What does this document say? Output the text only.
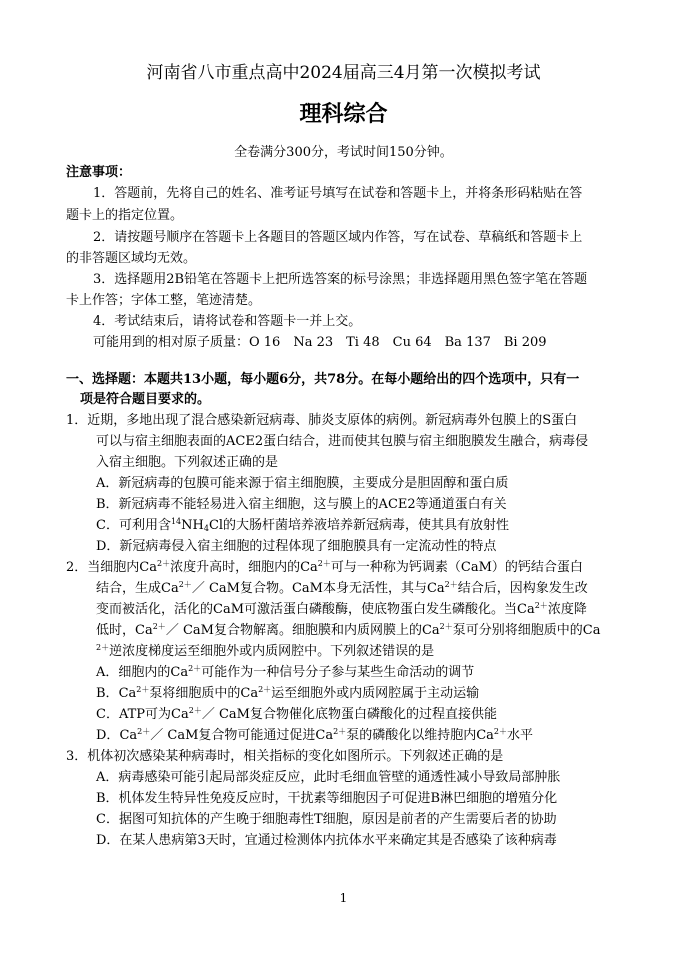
河南省八市重点高中2024届高三4月第一次模拟考试
理科综合
全卷满分300分，考试时间150分钟。
注意事项：
1．答题前，先将自己的姓名、准考证号填写在试卷和答题卡上，并将条形码粘贴在答
题卡上的指定位置。
2．请按题号顺序在答题卡上各题目的答题区域内作答，写在试卷、草稿纸和答题卡上
的非答题区域均无效。
3．选择题用2B铅笔在答题卡上把所选答案的标号涂黑；非选择题用黑色签字笔在答题
卡上作答；字体工整，笔迹清楚。
4．考试结束后，请将试卷和答题卡一并上交。
可能用到的相对原子质量：O 16　Na 23　Ti 48　Cu 64　Ba 137　Bi 209
一、选择题：本题共13小题，每小题6分，共78分。在每小题给出的四个选项中，只有一
项是符合题目要求的。
1．近期，多地出现了混合感染新冠病毒、肺炎支原体的病例。新冠病毒外包膜上的S蛋白
可以与宿主细胞表面的ACE2蛋白结合，进而使其包膜与宿主细胞膜发生融合，病毒侵
入宿主细胞。下列叙述正确的是
A．新冠病毒的包膜可能来源于宿主细胞膜，主要成分是胆固醇和蛋白质
B．新冠病毒不能轻易进入宿主细胞，这与膜上的ACE2等通道蛋白有关
C．可利用含$^{14}NH_4Cl$的大肠杆菌培养液培养新冠病毒，使其具有放射性
D．新冠病毒侵入宿主细胞的过程体现了细胞膜具有一定流动性的特点
2．当细胞内$Ca^{2+}$浓度升高时，细胞内的$Ca^{2+}$可与一种称为钙调素（CaM）的钙结合蛋白
结合，生成$Ca^{2+}/$ CaM复合物。CaM本身无活性，其与$Ca^{2+}$结合后，因构象发生改
变而被活化，活化的CaM可激活蛋白磷酸酶，使底物蛋白发生磷酸化。当$Ca^{2+}$浓度降
低时，$Ca^{2+}/$ CaM复合物解离。细胞膜和内质网膜上的$Ca^{2+}$泵可分别将细胞质中的Ca
$^{2+}$逆浓度梯度运至细胞外或内质网腔中。下列叙述错误的是
A．细胞内的$Ca^{2+}$可能作为一种信号分子参与某些生命活动的调节
B．$Ca^{2+}$泵将细胞质中的$Ca^{2+}$运至细胞外或内质网腔属于主动运输
C．ATP可为$Ca^{2+}/$ CaM复合物催化底物蛋白磷酸化的过程直接供能
D．$Ca^{2+}/$ CaM复合物可能通过促进$Ca^{2+}$泵的磷酸化以维持胞内$Ca^{2+}$水平
3．机体初次感染某种病毒时，相关指标的变化如图所示。下列叙述正确的是
A．病毒感染可能引起局部炎症反应，此时毛细血管壁的通透性减小导致局部肿胀
B．机体发生特异性免疫反应时，干扰素等细胞因子可促进B淋巴细胞的增殖分化
C．据图可知抗体的产生晚于细胞毒性T细胞，原因是前者的产生需要后者的协助
D．在某人患病第3天时，宜通过检测体内抗体水平来确定其是否感染了该种病毒
1
